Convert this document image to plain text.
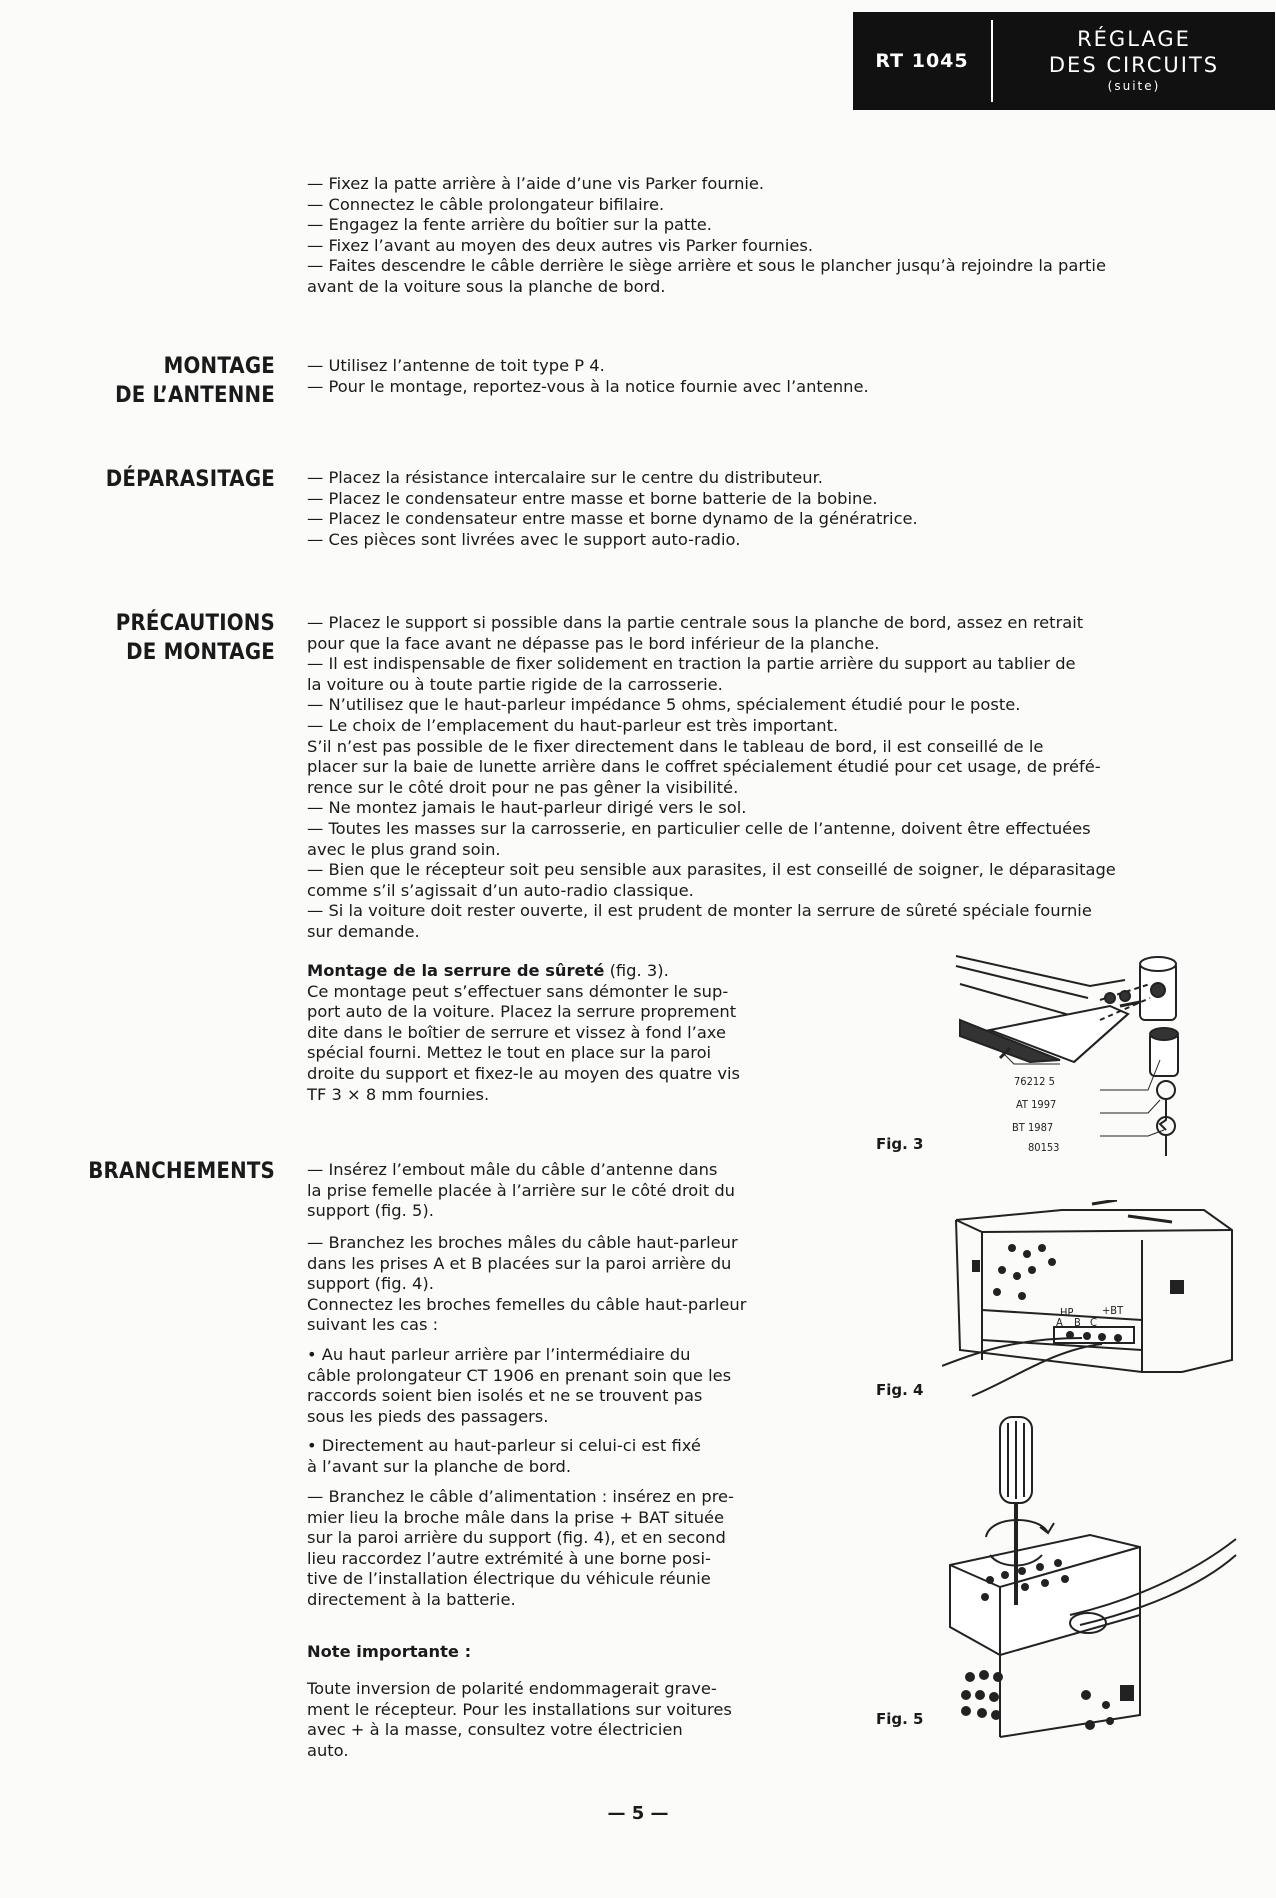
RT 1045
RÉGLAGE
DES CIRCUITS
(suite)
— Fixez la patte arrière à l’aide d’une vis Parker fournie.
— Connectez le câble prolongateur bifilaire.
— Engagez la fente arrière du boîtier sur la patte.
— Fixez l’avant au moyen des deux autres vis Parker fournies.
— Faites descendre le câble derrière le siège arrière et sous le plancher jusqu’à rejoindre la partie
avant de la voiture sous la planche de bord.
MONTAGE
DE L’ANTENNE
— Utilisez l’antenne de toit type P 4.
— Pour le montage, reportez-vous à la notice fournie avec l’antenne.
DÉPARASITAGE — Placez la résistance intercalaire sur le centre du distributeur.
— Placez le condensateur entre masse et borne batterie de la bobine.
— Placez le condensateur entre masse et borne dynamo de la génératrice.
— Ces pièces sont livrées avec le support auto-radio.
PRÉCAUTIONS
DE MONTAGE
— Placez le support si possible dans la partie centrale sous la planche de bord, assez en retrait
pour que la face avant ne dépasse pas le bord inférieur de la planche.
— Il est indispensable de fixer solidement en traction la partie arrière du support au tablier de
la voiture ou à toute partie rigide de la carrosserie.
— N’utilisez que le haut-parleur impédance 5 ohms, spécialement étudié pour le poste.
— Le choix de l’emplacement du haut-parleur est très important.
S’il n’est pas possible de le fixer directement dans le tableau de bord, il est conseillé de le
placer sur la baie de lunette arrière dans le coffret spécialement étudié pour cet usage, de préfé-
rence sur le côté droit pour ne pas gêner la visibilité.
— Ne montez jamais le haut-parleur dirigé vers le sol.
— Toutes les masses sur la carrosserie, en particulier celle de l’antenne, doivent être effectuées
avec le plus grand soin.
— Bien que le récepteur soit peu sensible aux parasites, il est conseillé de soigner, le déparasitage
comme s’il s’agissait d’un auto-radio classique.
— Si la voiture doit rester ouverte, il est prudent de monter la serrure de sûreté spéciale fournie
sur demande.
Montage de la serrure de sûreté (fig. 3).
Ce montage peut s’effectuer sans démonter le sup-
port auto de la voiture. Placez la serrure proprement
dite dans le boîtier de serrure et vissez à fond l’axe
spécial fourni. Mettez le tout en place sur la paroi
droite du support et fixez-le au moyen des quatre vis
TF 3 × 8 mm fournies.
BRANCHEMENTS — Insérez l’embout mâle du câble d’antenne dans
la prise femelle placée à l’arrière sur le côté droit du
support (fig. 5).
— Branchez les broches mâles du câble haut-parleur
dans les prises A et B placées sur la paroi arrière du
support (fig. 4).
Connectez les broches femelles du câble haut-parleur
suivant les cas :
• Au haut parleur arrière par l’intermédiaire du
câble prolongateur CT 1906 en prenant soin que les
raccords soient bien isolés et ne se trouvent pas
sous les pieds des passagers.
• Directement au haut-parleur si celui-ci est fixé
à l’avant sur la planche de bord.
— Branchez le câble d’alimentation : insérez en pre-
mier lieu la broche mâle dans la prise + BAT située
sur la paroi arrière du support (fig. 4), et en second
lieu raccordez l’autre extrémité à une borne posi-
tive de l’installation électrique du véhicule réunie
directement à la batterie.
Note importante :
Toute inversion de polarité endommagerait grave-
ment le récepteur. Pour les installations sur voitures
avec + à la masse, consultez votre électricien
auto.
76212 5
AT 1997
BT 1987
80153
Fig. 3
HP
A B C
+BT
Fig. 4
Fig. 5
— 5 —
